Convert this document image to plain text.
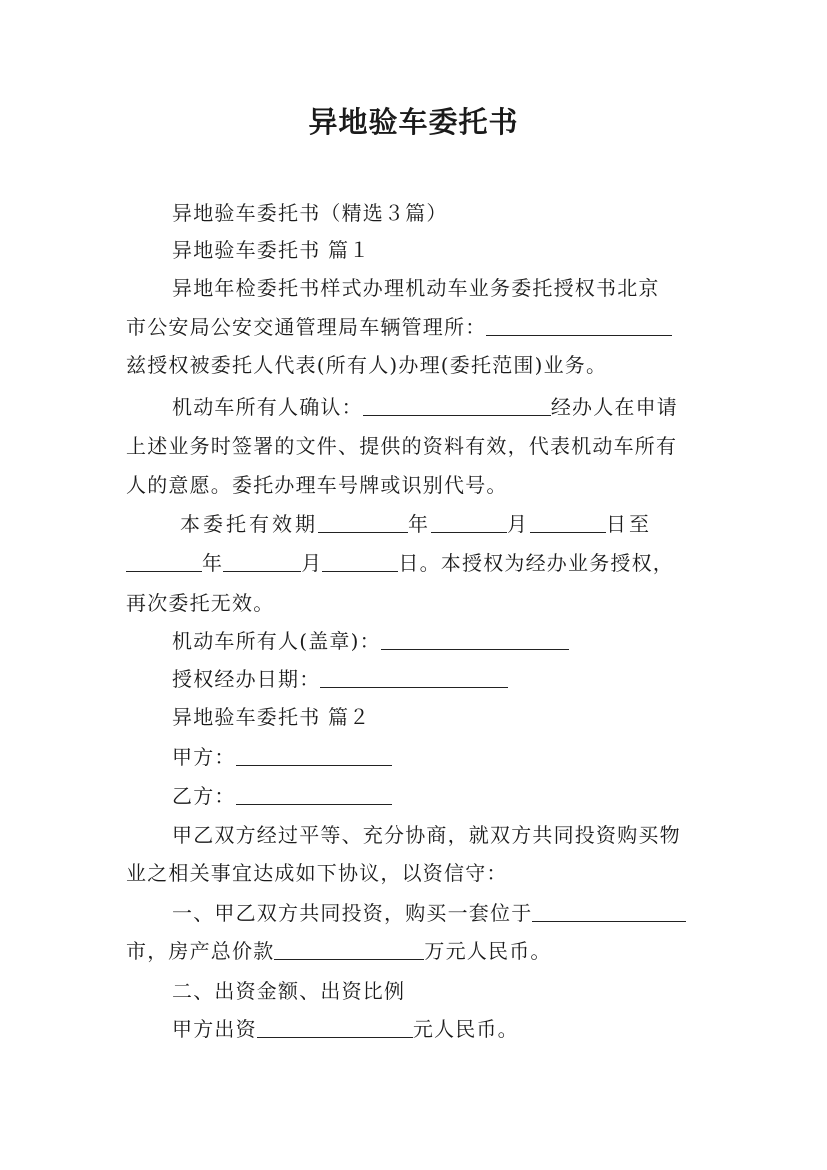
异地验车委托书
异地验车委托书（精选３篇）
异地验车委托书 篇１
异地年检委托书样式办理机动车业务委托授权书北京
市公安局公安交通管理局车辆管理所：
兹授权被委托人代表(所有人)办理(委托范围)业务。
机动车所有人确认：	经办人在申请
上述业务时签署的文件、提供的资料有效，代表机动车所有
人的意愿。委托办理车号牌或识别代号。
本委托有效期	年	月	日至
年	月	日。本授权为经办业务授权，
再次委托无效。
机动车所有人(盖章)：
授权经办日期：
异地验车委托书 篇２
甲方：
乙方：
甲乙双方经过平等、充分协商，就双方共同投资购买物
业之相关事宜达成如下协议，以资信守：
一、甲乙双方共同投资，购买一套位于
市，房产总价款	万元人民币。
二、出资金额、出资比例
甲方出资	元人民币。
